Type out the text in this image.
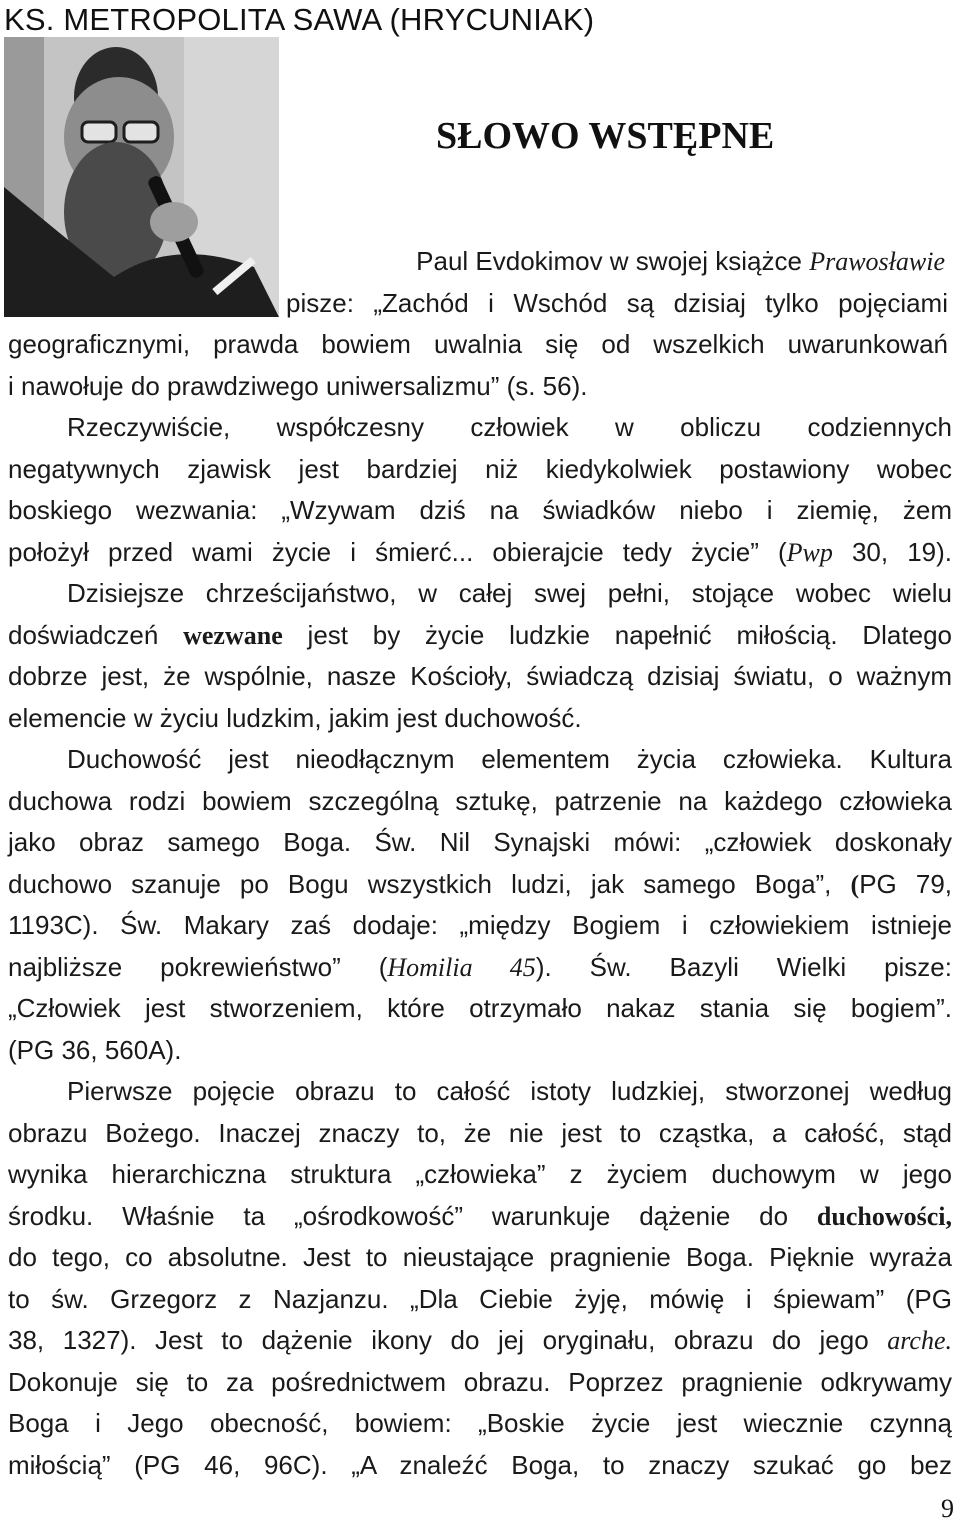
KS. METROPOLITA SAWA (HRYCUNIAK)
SŁOWO WSTĘPNE
Paul Evdokimov w swojej książce Prawosławie
pisze: „Zachód i Wschód są dzisiaj tylko pojęciami
geograficznymi, prawda bowiem uwalnia się od wszelkich uwarunkowań
i nawołuje do prawdziwego uniwersalizmu” (s. 56).
Rzeczywiście, współczesny człowiek w obliczu codziennych
negatywnych zjawisk jest bardziej niż kiedykolwiek postawiony wobec
boskiego wezwania: „Wzywam dziś na świadków niebo i ziemię, żem
położył przed wami życie i śmierć... obierajcie tedy życie” (Pwp 30, 19).
Dzisiejsze chrześcijaństwo, w całej swej pełni, stojące wobec wielu
doświadczeń wezwane jest by życie ludzkie napełnić miłością. Dlatego
dobrze jest, że wspólnie, nasze Kościoły, świadczą dzisiaj światu, o ważnym
elemencie w życiu ludzkim, jakim jest duchowość.
Duchowość jest nieodłącznym elementem życia człowieka. Kultura
duchowa rodzi bowiem szczególną sztukę, patrzenie na każdego człowieka
jako obraz samego Boga. Św. Nil Synajski mówi: „człowiek doskonały
duchowo szanuje po Bogu wszystkich ludzi, jak samego Boga”, (PG 79,
1193C). Św. Makary zaś dodaje: „między Bogiem i człowiekiem istnieje
najbliższe pokrewieństwo” (Homilia 45). Św. Bazyli Wielki pisze:
„Człowiek jest stworzeniem, które otrzymało nakaz stania się bogiem”.
(PG 36, 560A).
Pierwsze pojęcie obrazu to całość istoty ludzkiej, stworzonej według
obrazu Bożego. Inaczej znaczy to, że nie jest to cząstka, a całość, stąd
wynika hierarchiczna struktura „człowieka” z życiem duchowym w jego
środku. Właśnie ta „ośrodkowość” warunkuje dążenie do duchowości,
do tego, co absolutne. Jest to nieustające pragnienie Boga. Pięknie wyraża
to św. Grzegorz z Nazjanzu. „Dla Ciebie żyję, mówię i śpiewam” (PG
38, 1327). Jest to dążenie ikony do jej oryginału, obrazu do jego arche.
Dokonuje się to za pośrednictwem obrazu. Poprzez pragnienie odkrywamy
Boga i Jego obecność, bowiem: „Boskie życie jest wiecznie czynną
miłością” (PG 46, 96C). „A znaleźć Boga, to znaczy szukać go bez
9
